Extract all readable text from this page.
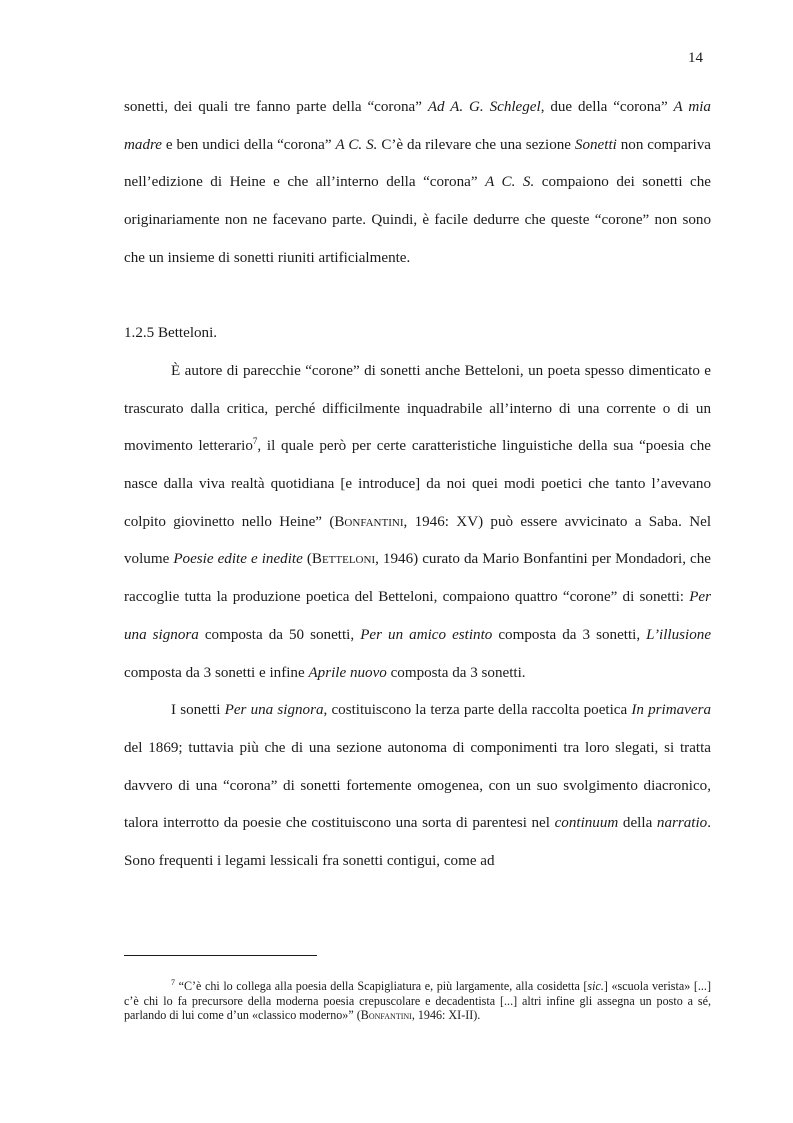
14

sonetti, dei quali tre fanno parte della “corona” Ad A. G. Schlegel, due della “corona” A mia madre e ben undici della “corona” A C. S. C’è da rilevare che una sezione Sonetti non compariva nell’edizione di Heine e che all’interno della “corona” A C. S. compaiono dei sonetti che originariamente non ne facevano parte. Quindi, è facile dedurre che queste “corone” non sono che un insieme di sonetti riuniti artificialmente.

1.2.5 Betteloni.

È autore di parecchie “corone” di sonetti anche Betteloni, un poeta spesso dimenticato e trascurato dalla critica, perché difficilmente inquadrabile all’interno di una corrente o di un movimento letterario$^7$, il quale però per certe caratteristiche linguistiche della sua “poesia che nasce dalla viva realtà quotidiana [e introduce] da noi quei modi poetici che tanto l’avevano colpito giovinetto nello Heine” (Bonfantini, 1946: XV) può essere avvicinato a Saba. Nel volume Poesie edite e inedite (Betteloni, 1946) curato da Mario Bonfantini per Mondadori, che raccoglie tutta la produzione poetica del Betteloni, compaiono quattro “corone” di sonetti: Per una signora composta da 50 sonetti, Per un amico estinto composta da 3 sonetti, L’illusione composta da 3 sonetti e infine Aprile nuovo composta da 3 sonetti.

I sonetti Per una signora, costituiscono la terza parte della raccolta poetica In primavera del 1869; tuttavia più che di una sezione autonoma di componimenti tra loro slegati, si tratta davvero di una “corona” di sonetti fortemente omogenea, con un suo svolgimento diacronico, talora interrotto da poesie che costituiscono una sorta di parentesi nel continuum della narratio. Sono frequenti i legami lessicali fra sonetti contigui, come ad

$^7$ “C’è chi lo collega alla poesia della Scapigliatura e, più largamente, alla cosidetta [sic.] «scuola verista» [...] c’è chi lo fa precursore della moderna poesia crepuscolare e decadentista [...] altri infine gli assegna un posto a sé, parlando di lui come d’un «classico moderno»” (Bonfantini, 1946: XI-II).
